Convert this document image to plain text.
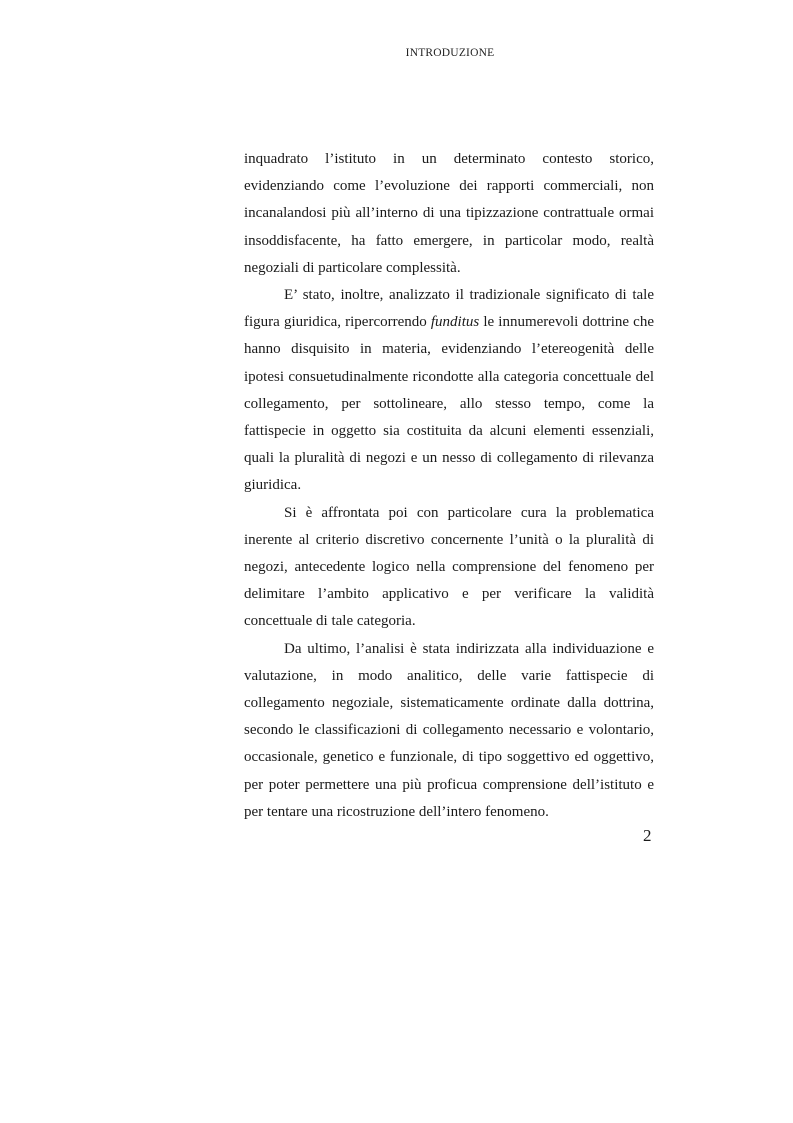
INTRODUZIONE

inquadrato l’istituto in un determinato contesto storico, evidenziando come l’evoluzione dei rapporti commerciali, non incanalandosi più all’interno di una tipizzazione contrattuale ormai insoddisfacente, ha fatto emergere, in particolar modo, realtà negoziali di particolare complessità.

E’ stato, inoltre, analizzato il tradizionale significato di tale figura giuridica, ripercorrendo funditus le innumerevoli dottrine che hanno disquisito in materia, evidenziando l’etereogenità delle ipotesi consuetudinalmente ricondotte alla categoria concettuale del collegamento, per sottolineare, allo stesso tempo, come la fattispecie in oggetto sia costituita da alcuni elementi essenziali, quali la pluralità di negozi e un nesso di collegamento di rilevanza giuridica.

Si è affrontata poi con particolare cura la problematica inerente al criterio discretivo concernente l’unità o la pluralità di negozi, antecedente logico nella comprensione del fenomeno per delimitare l’ambito applicativo e per verificare la validità concettuale di tale categoria.

Da ultimo, l’analisi è stata indirizzata alla individuazione e valutazione, in modo analitico, delle varie fattispecie di collegamento negoziale, sistematicamente ordinate dalla dottrina, secondo le classificazioni di collegamento necessario e volontario, occasionale, genetico e funzionale, di tipo soggettivo ed oggettivo, per poter permettere una più proficua comprensione dell’istituto e per tentare una ricostruzione dell’intero fenomeno.

2
